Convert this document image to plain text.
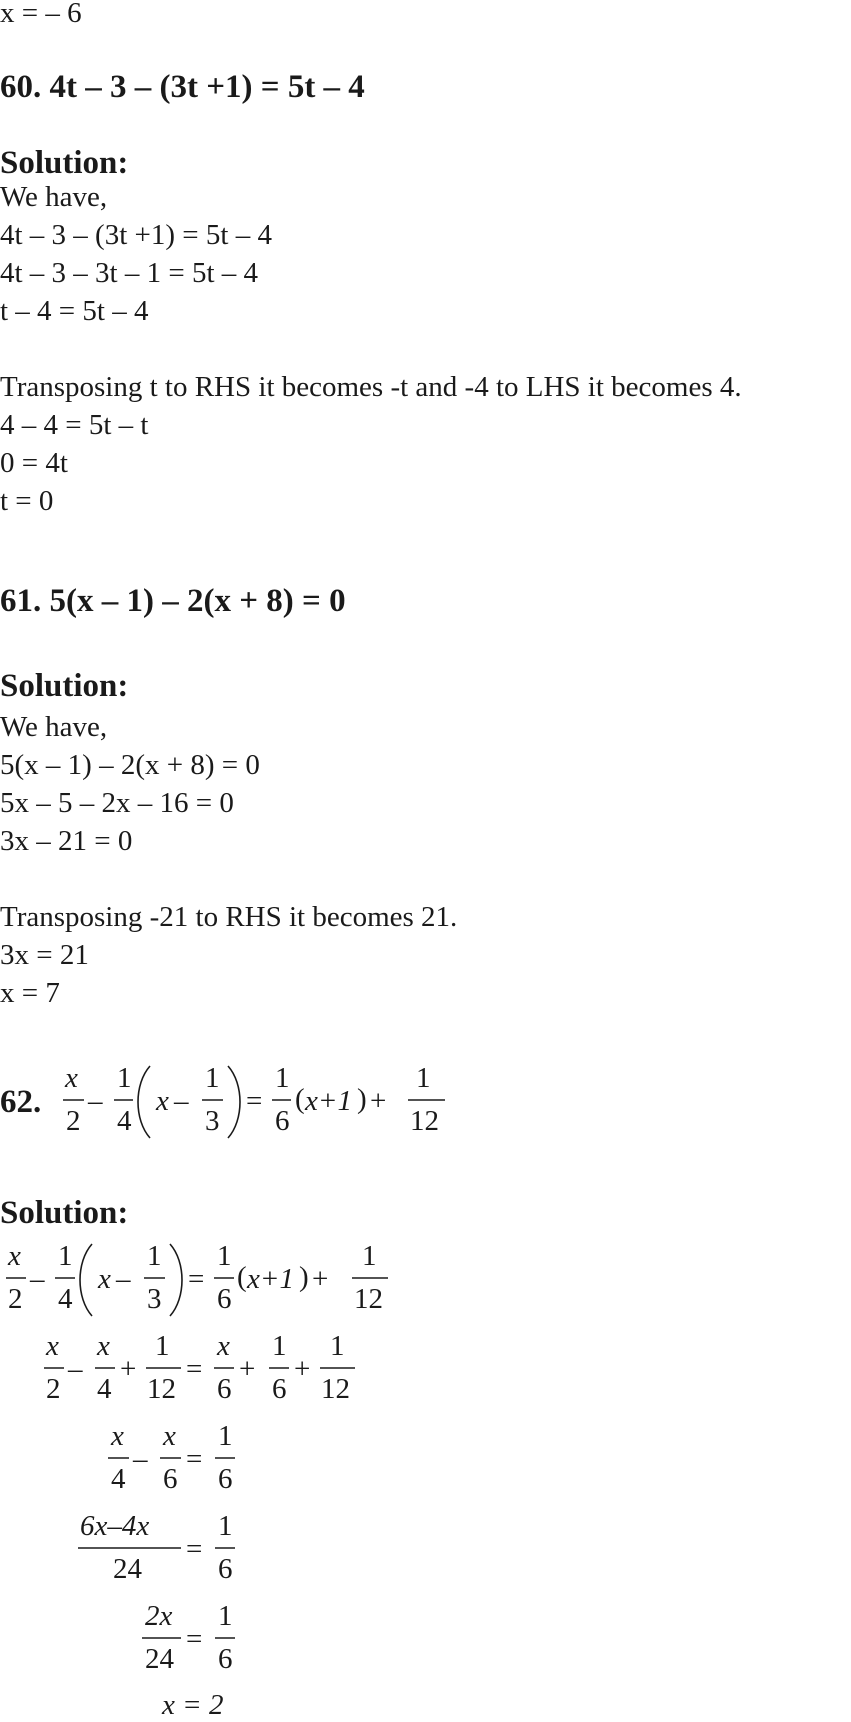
x = – 6
60. 4t – 3 – (3t +1) = 5t – 4
Solution:
We have,
4t – 3 – (3t +1) = 5t – 4
4t – 3 – 3t – 1 = 5t – 4
t – 4 = 5t – 4
Transposing t to RHS it becomes -t and -4 to LHS it becomes 4.
4 – 4 = 5t – t
0 = 4t
t = 0
61. 5(x – 1) – 2(x + 8) = 0
Solution:
We have,
5(x – 1) – 2(x + 8) = 0
5x – 5 – 2x – 16 = 0
3x – 21 = 0
Transposing -21 to RHS it becomes 21.
3x = 21
x = 7
62.
x
2
–
1
4
x –
1
3
=
1
6
( x+1 ) +
1
12
Solution:
x
2
–
1
4
x –
1
3
=
1
6
( x+1 ) +
1
12
x
2
–
x
4
+
1
12
=
x
6
+
1
6
+
1
12
x
4
–
x
6
=
1
6
6x–4x
24
=
1
6
2x
24
=
1
6
x = 2
